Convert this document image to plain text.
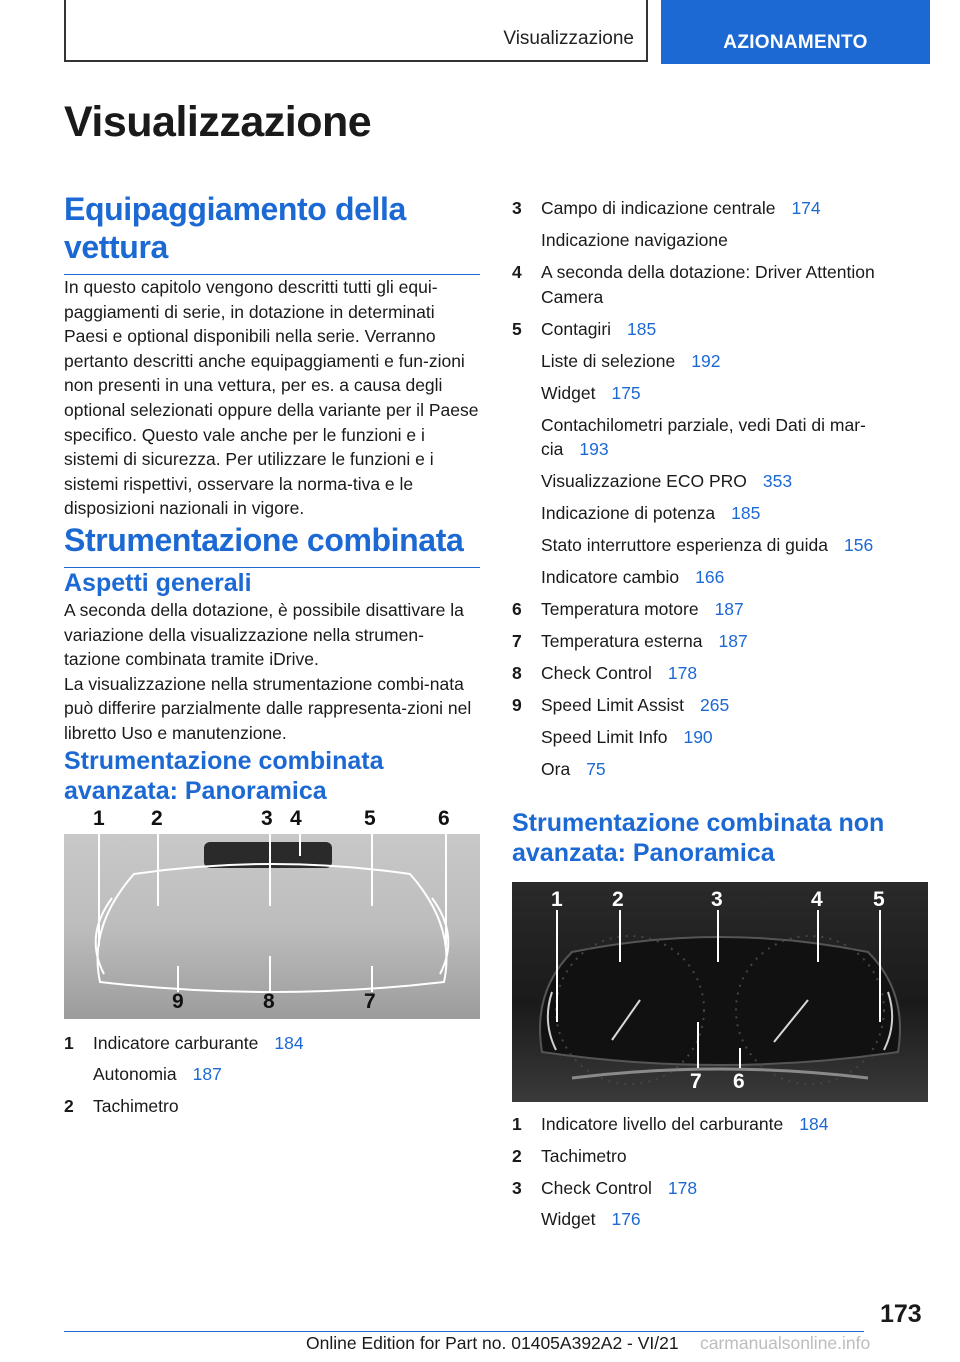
Visualizzazione	AZIONAMENTO
Visualizzazione
Equipaggiamento della vettura

In questo capitolo vengono descritti tutti gli equi-paggiamenti di serie, in dotazione in determinati Paesi e optional disponibili nella serie. Verranno pertanto descritti anche equipaggiamenti e fun-zioni non presenti in una vettura, per es. a causa degli optional selezionati oppure della variante per il Paese specifico. Questo vale anche per le funzioni e i sistemi di sicurezza. Per utilizzare le funzioni e i sistemi rispettivi, osservare la norma-tiva e le disposizioni nazionali in vigore.

Strumentazione combinata
Aspetti generali

A seconda della dotazione, è possibile disattivare la variazione della visualizzazione nella strumen-tazione combinata tramite iDrive.

La visualizzazione nella strumentazione combi-nata può differire parzialmente dalle rappresenta-zioni nel libretto Uso e manutenzione.

Strumentazione combinata avanzata: Panoramica
1 2	3 4	5	6
9	8	7
1	Indicatore carburante 184
Autonomia 187
2	Tachimetro
3	Campo di indicazione centrale 174
Indicazione navigazione
4	A seconda della dotazione: Driver Attention Camera
5	Contagiri 185
Liste di selezione 192
Widget 175
Contachilometri parziale, vedi Dati di mar-cia 193
Visualizzazione ECO PRO 353
Indicazione di potenza 185
Stato interruttore esperienza di guida 156
Indicatore cambio 166
6	Temperatura motore 187
7	Temperatura esterna 187
8	Check Control 178
9	Speed Limit Assist 265
Speed Limit Info 190
Ora 75
Strumentazione combinata non avanzata: Panoramica
1 2	3	4 5
7 6
1	Indicatore livello del carburante 184
2	Tachimetro
3	Check Control 178
Widget 176
173
Online Edition for Part no. 01405A392A2 - VI/21 carmanualsonline.info
